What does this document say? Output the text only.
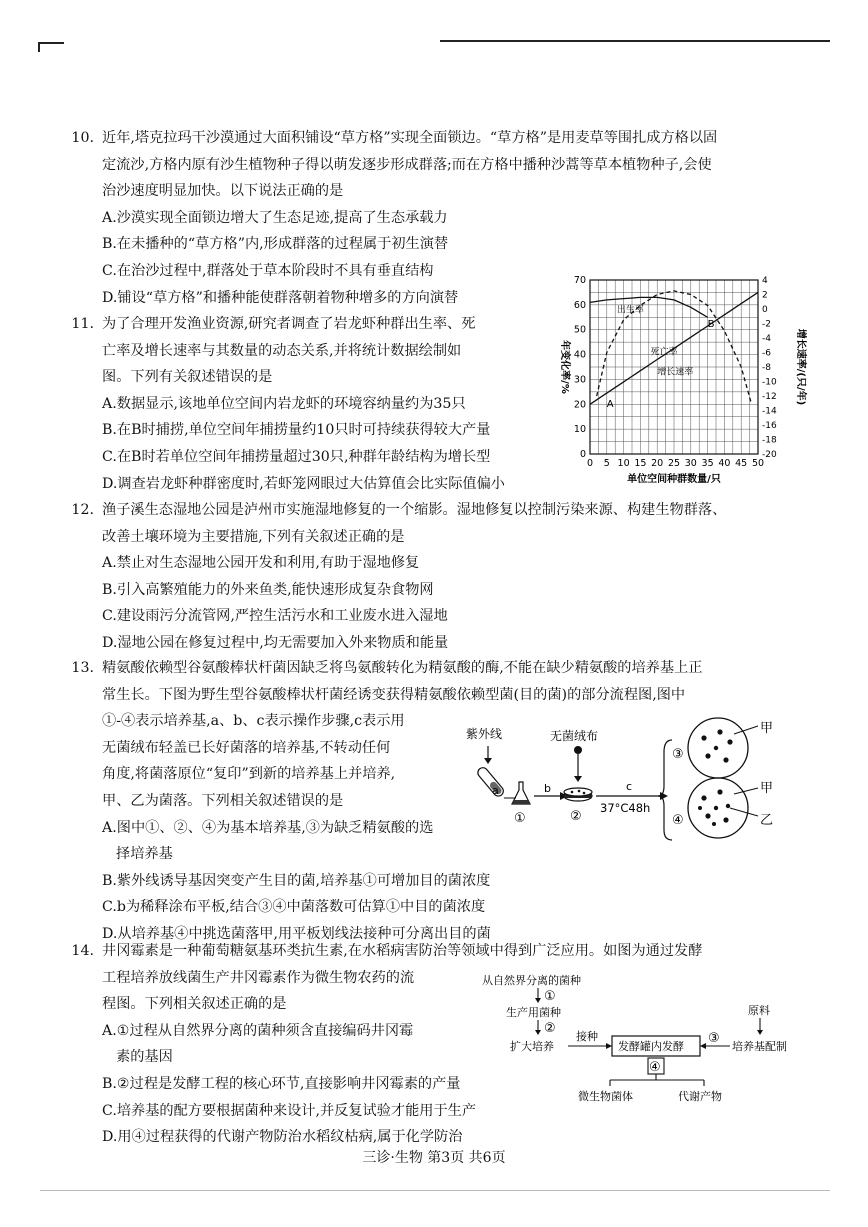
10. 近年,塔克拉玛干沙漠通过大面积铺设“草方格”实现全面锁边。“草方格”是用麦草等围扎成方格以固
定流沙,方格内原有沙生植物种子得以萌发逐步形成群落;而在方格中播种沙蒿等草本植物种子,会使
治沙速度明显加快。以下说法正确的是
A.沙漠实现全面锁边增大了生态足迹,提高了生态承载力
B.在未播种的“草方格”内,形成群落的过程属于初生演替
C.在治沙过程中,群落处于草本阶段时不具有垂直结构
D.铺设“草方格”和播种能使群落朝着物种增多的方向演替
11. 为了合理开发渔业资源,研究者调查了岩龙虾种群出生率、死
亡率及增长速率与其数量的动态关系,并将统计数据绘制如
图。下列有关叙述错误的是
A.数据显示,该地单位空间内岩龙虾的环境容纳量约为35只
B.在B时捕捞,单位空间年捕捞量约10只时可持续获得较大产量
C.在B时若单位空间年捕捞量超过30只,种群年龄结构为增长型
D.调查岩龙虾种群密度时,若虾笼网眼过大估算值会比实际值偏小
0 5 10 15 20 25 30 35 40 45 50
0
10
20
30
40
50
60
70	4
2
0
-2
-4
-6
-8
-10
-12
-14
-16
-18
-20
单位空间种群数量/只
年变化率/%	增长速率/(只/年)
出生率
死亡率
增长速率
A
B
12. 渔子溪生态湿地公园是泸州市实施湿地修复的一个缩影。湿地修复以控制污染来源、构建生物群落、
改善土壤环境为主要措施,下列有关叙述正确的是
A.禁止对生态湿地公园开发和利用,有助于湿地修复
B.引入高繁殖能力的外来鱼类,能快速形成复杂食物网
C.建设雨污分流管网,严控生活污水和工业废水进入湿地
D.湿地公园在修复过程中,均无需要加入外来物质和能量
13. 精氨酸依赖型谷氨酸棒状杆菌因缺乏将鸟氨酸转化为精氨酸的酶,不能在缺少精氨酸的培养基上正
常生长。下图为野生型谷氨酸棒状杆菌经诱变获得精氨酸依赖型菌(目的菌)的部分流程图,图中
①-④表示培养基,a、b、c表示操作步骤,c表示用
无菌绒布轻盖已长好菌落的培养基,不转动任何
角度,将菌落原位“复印”到新的培养基上并培养,
甲、乙为菌落。下列相关叙述错误的是
A.图中①、②、④为基本培养基,③为缺乏精氨酸的选
择培养基
B.紫外线诱导基因突变产生目的菌,培养基①可增加目的菌浓度
C.b为稀释涂布平板,结合③④中菌落数可估算①中目的菌浓度
D.从培养基④中挑选菌落甲,用平板划线法接种可分离出目的菌
紫外线
a
①
b
无菌绒布
②
c
37°C48h
③
④
甲
甲
乙
14. 井冈霉素是一种葡萄糖氨基环类抗生素,在水稻病害防治等领域中得到广泛应用。如图为通过发酵
工程培养放线菌生产井冈霉素作为微生物农药的流
程图。下列相关叙述正确的是
A.①过程从自然界分离的菌种须含直接编码井冈霉
素的基因
B.②过程是发酵工程的核心环节,直接影响井冈霉素的产量
C.培养基的配方要根据菌种来设计,并反复试验才能用于生产
D.用④过程获得的代谢产物防治水稻纹枯病,属于化学防治
从自然界分离的菌种
①
生产用菌种
②
扩大培养
接种
发酵罐内发酵
原料
培养基配制
③
④
微生物菌体	代谢产物
三诊·生物 第3页 共6页
